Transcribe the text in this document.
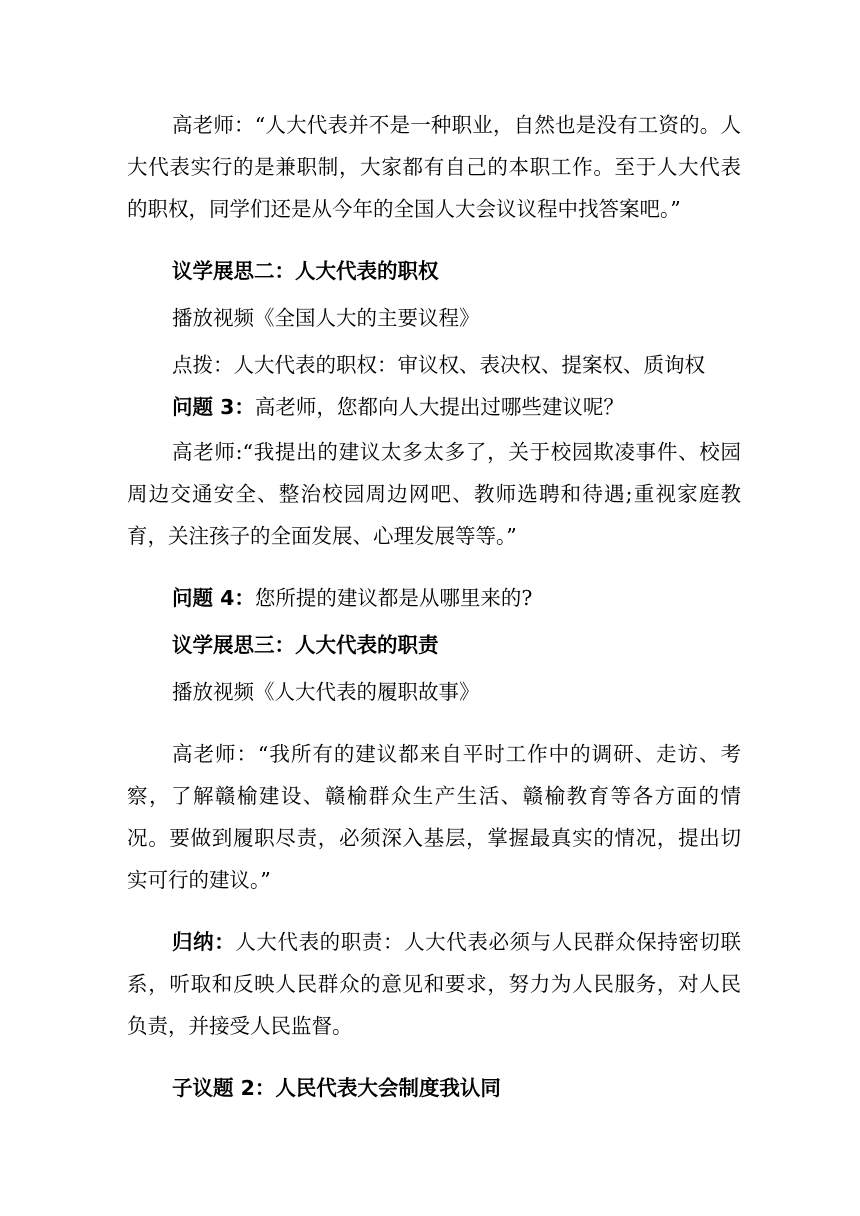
高老师：“人大代表并不是一种职业，自然也是没有工资的。人大代表实行的是兼职制，大家都有自己的本职工作。至于人大代表的职权，同学们还是从今年的全国人大会议议程中找答案吧。”

议学展思二：人大代表的职权

播放视频《全国人大的主要议程》

点拨：人大代表的职权：审议权、表决权、提案权、质询权

问题 3：高老师，您都向人大提出过哪些建议呢？

高老师:“我提出的建议太多太多了，关于校园欺凌事件、校园周边交通安全、整治校园周边网吧、教师选聘和待遇;重视家庭教育，关注孩子的全面发展、心理发展等等。”

问题 4：您所提的建议都是从哪里来的?

议学展思三：人大代表的职责

播放视频《人大代表的履职故事》

高老师：“我所有的建议都来自平时工作中的调研、走访、考察，了解赣榆建设、赣榆群众生产生活、赣榆教育等各方面的情况。要做到履职尽责，必须深入基层，掌握最真实的情况，提出切实可行的建议。”

归纳：人大代表的职责：人大代表必须与人民群众保持密切联系，听取和反映人民群众的意见和要求，努力为人民服务，对人民负责，并接受人民监督。

子议题 2：人民代表大会制度我认同
